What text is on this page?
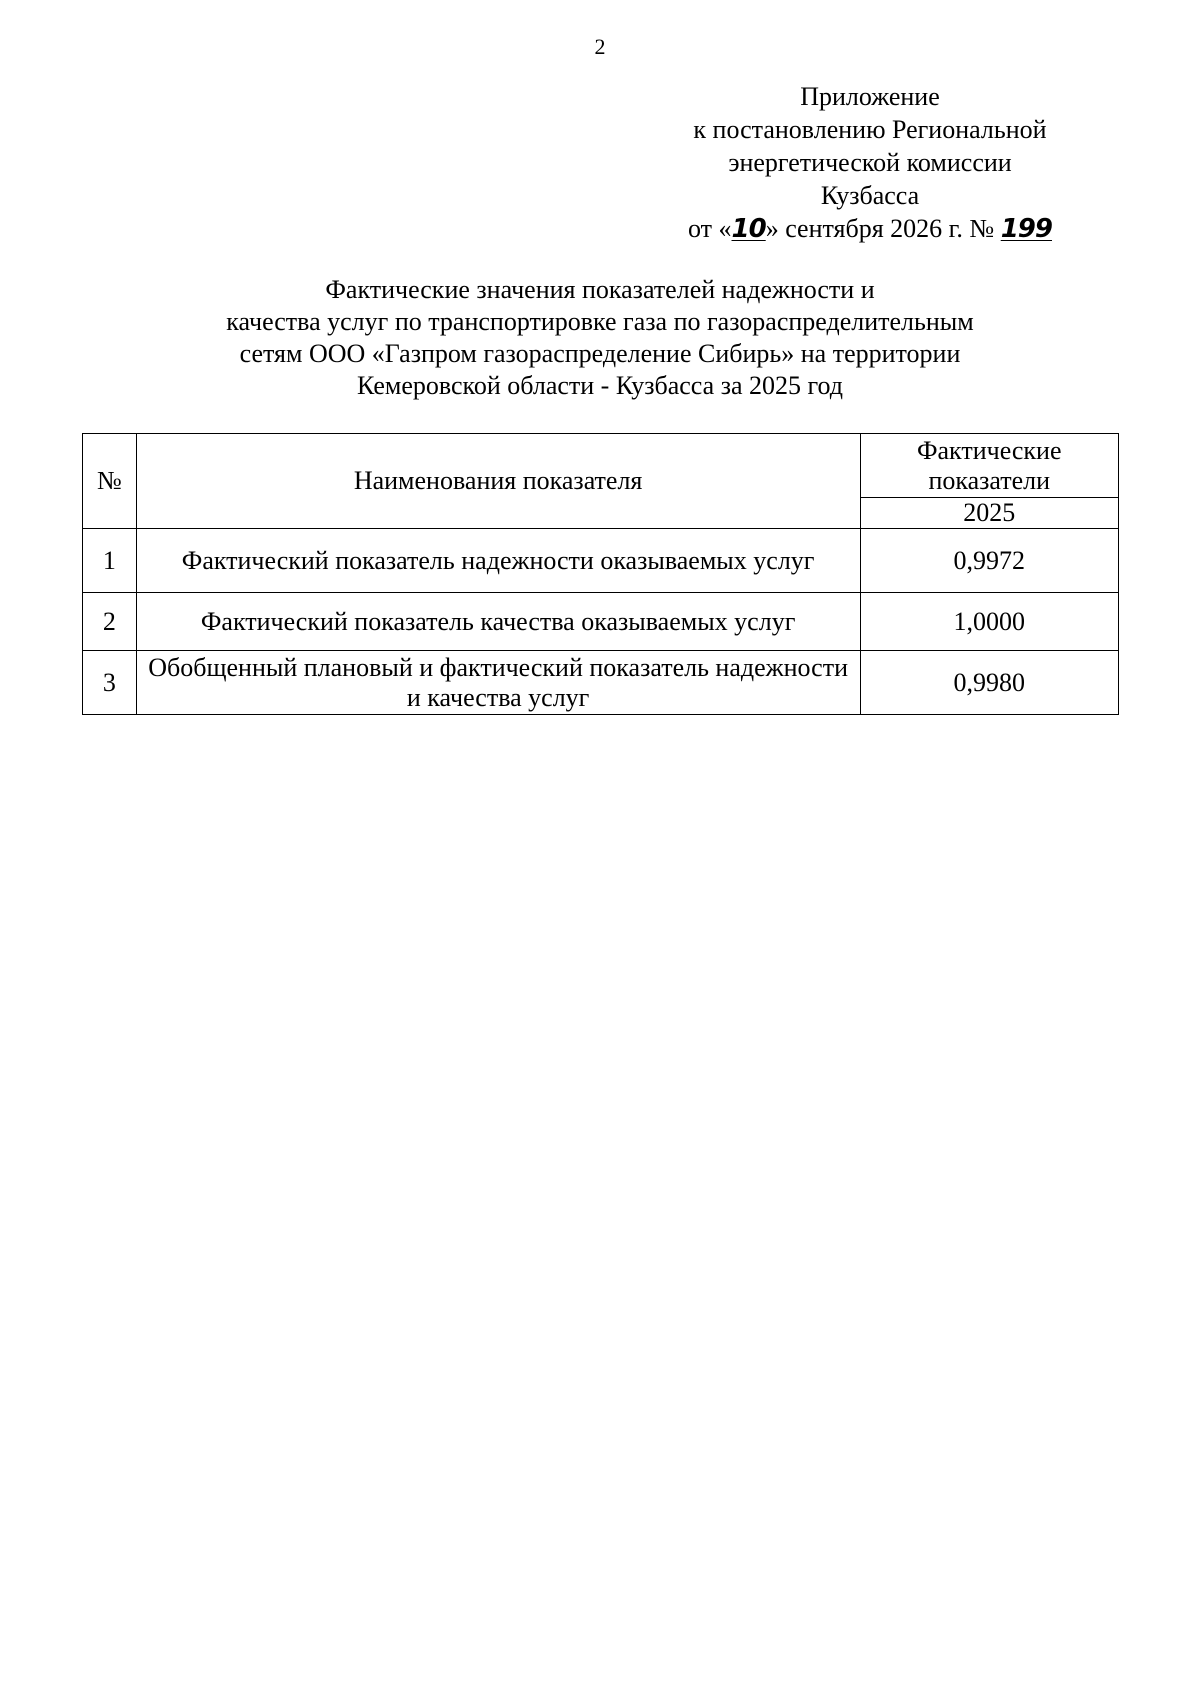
2
Приложение
к постановлению Региональной
энергетической комиссии
Кузбасса
от «10» сентября 2026 г. № 199
Фактические значения показателей надежности и
качества услуг по транспортировке газа по газораспределительным
сетям ООО «Газпром газораспределение Сибирь» на территории
Кемеровской области - Кузбасса за 2025 год
№	Наименования показателя	Фактические показатели
		2025
1	Фактический показатель надежности оказываемых услуг	0,9972
2	Фактический показатель качества оказываемых услуг	1,0000
3	Обобщенный плановый и фактический показатель надежности и качества услуг	0,9980
